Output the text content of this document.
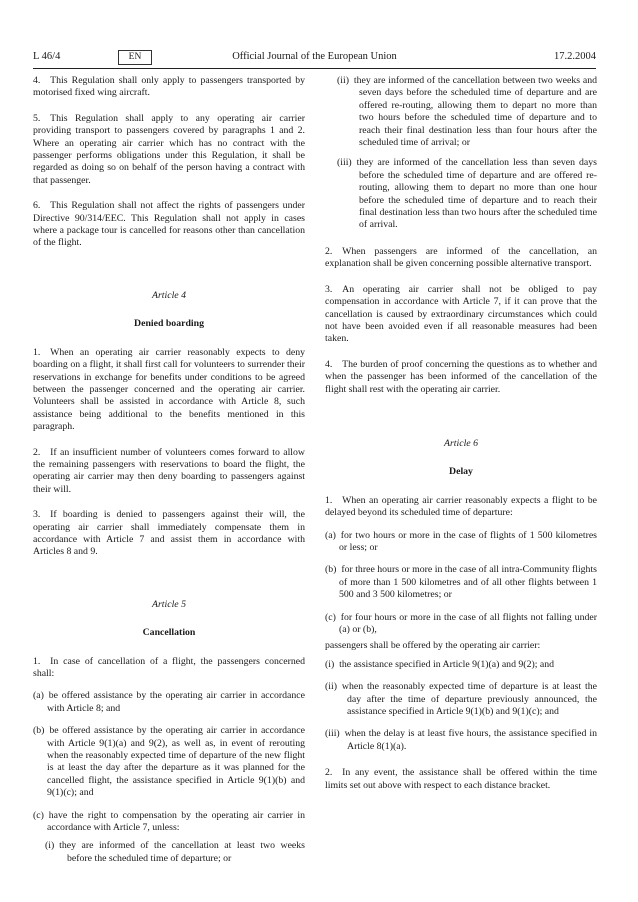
L 46/4	Official Journal of the European Union
EN	17.2.2004

4. This Regulation shall only apply to passengers transported by motorised fixed wing aircraft.

5. This Regulation shall apply to any operating air carrier providing transport to passengers covered by paragraphs 1 and 2. Where an operating air carrier which has no contract with the passenger performs obligations under this Regulation, it shall be regarded as doing so on behalf of the person having a contract with that passenger.

6. This Regulation shall not affect the rights of passengers under Directive 90/314/EEC. This Regulation shall not apply in cases where a package tour is cancelled for reasons other than cancellation of the flight.

Article 4

Denied boarding

1. When an operating air carrier reasonably expects to deny boarding on a flight, it shall first call for volunteers to surrender their reservations in exchange for benefits under conditions to be agreed between the passenger concerned and the operating air carrier. Volunteers shall be assisted in accordance with Article 8, such assistance being additional to the benefits mentioned in this paragraph.

2. If an insufficient number of volunteers comes forward to allow the remaining passengers with reservations to board the flight, the operating air carrier may then deny boarding to passengers against their will.

3. If boarding is denied to passengers against their will, the operating air carrier shall immediately compensate them in accordance with Article 7 and assist them in accordance with Articles 8 and 9.

Article 5

Cancellation

1. In case of cancellation of a flight, the passengers concerned shall:

(a) be offered assistance by the operating air carrier in accordance with Article 8; and

(b) be offered assistance by the operating air carrier in accordance with Article 9(1)(a) and 9(2), as well as, in event of rerouting when the reasonably expected time of departure of the new flight is at least the day after the departure as it was planned for the cancelled flight, the assistance specified in Article 9(1)(b) and 9(1)(c); and

(c) have the right to compensation by the operating air carrier in accordance with Article 7, unless:

(i) they are informed of the cancellation at least two weeks before the scheduled time of departure; or

(ii) they are informed of the cancellation between two weeks and seven days before the scheduled time of departure and are offered re-routing, allowing them to depart no more than two hours before the scheduled time of departure and to reach their final destination less than four hours after the scheduled time of arrival; or

(iii) they are informed of the cancellation less than seven days before the scheduled time of departure and are offered re-routing, allowing them to depart no more than one hour before the scheduled time of departure and to reach their final destination less than two hours after the scheduled time of arrival.

2. When passengers are informed of the cancellation, an explanation shall be given concerning possible alternative transport.

3. An operating air carrier shall not be obliged to pay compensation in accordance with Article 7, if it can prove that the cancellation is caused by extraordinary circumstances which could not have been avoided even if all reasonable measures had been taken.

4. The burden of proof concerning the questions as to whether and when the passenger has been informed of the cancellation of the flight shall rest with the operating air carrier.

Article 6

Delay

1. When an operating air carrier reasonably expects a flight to be delayed beyond its scheduled time of departure:

(a) for two hours or more in the case of flights of 1 500 kilometres or less; or

(b) for three hours or more in the case of all intra-Community flights of more than 1 500 kilometres and of all other flights between 1 500 and 3 500 kilometres; or

(c) for four hours or more in the case of all flights not falling under (a) or (b),

passengers shall be offered by the operating air carrier:

(i) the assistance specified in Article 9(1)(a) and 9(2); and

(ii) when the reasonably expected time of departure is at least the day after the time of departure previously announced, the assistance specified in Article 9(1)(b) and 9(1)(c); and

(iii) when the delay is at least five hours, the assistance specified in Article 8(1)(a).

2. In any event, the assistance shall be offered within the time limits set out above with respect to each distance bracket.
